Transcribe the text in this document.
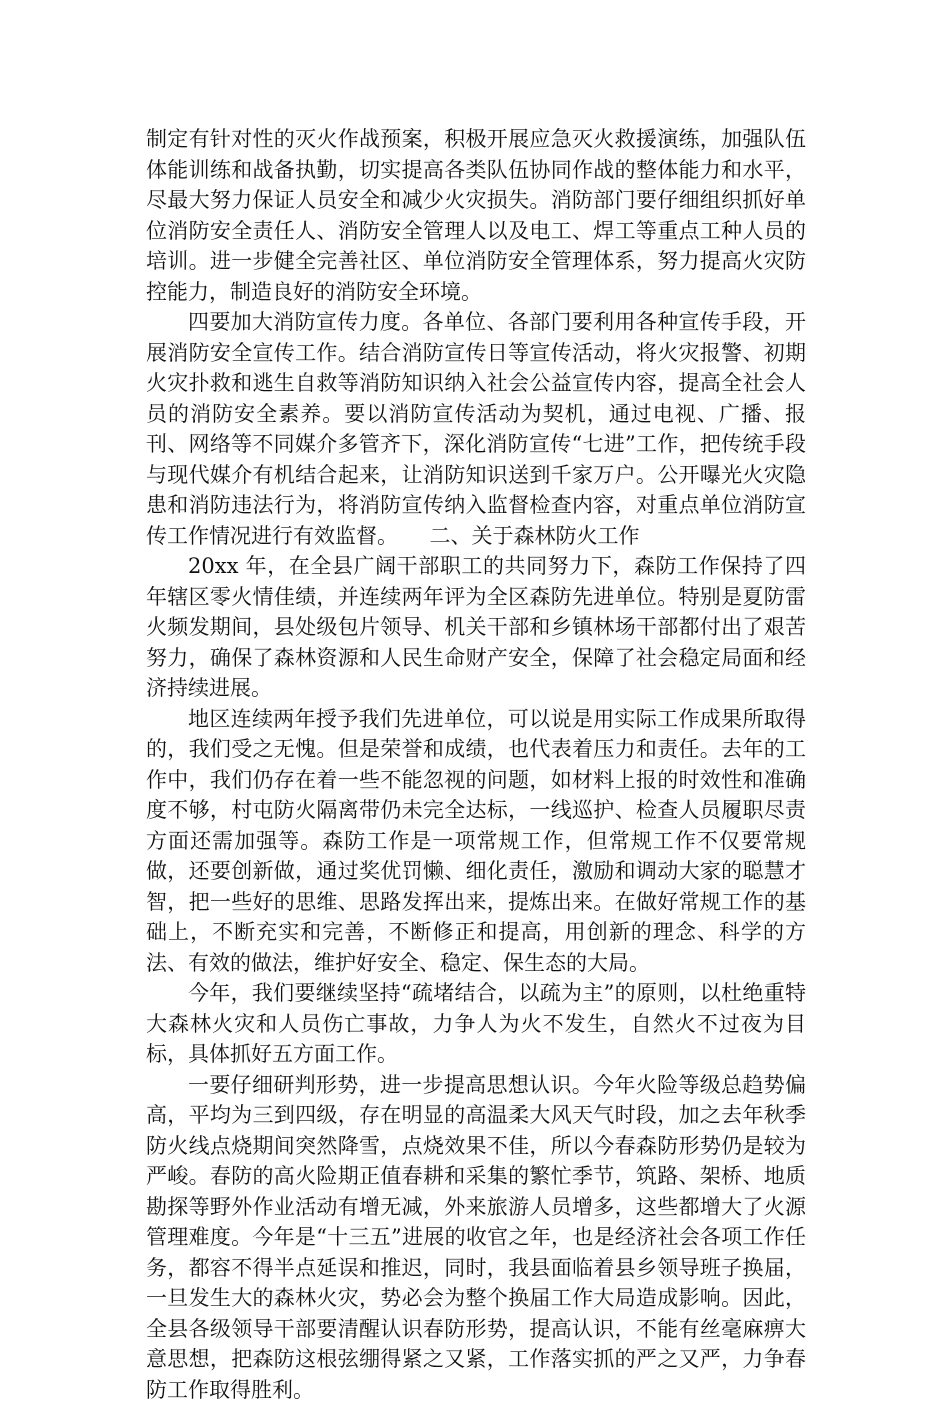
制定有针对性的灭火作战预案，积极开展应急灭火救援演练，加强队伍体能训练和战备执勤，切实提高各类队伍协同作战的整体能力和水平，尽最大努力保证人员安全和减少火灾损失。消防部门要仔细组织抓好单位消防安全责任人、消防安全管理人以及电工、焊工等重点工种人员的培训。进一步健全完善社区、单位消防安全管理体系，努力提高火灾防控能力，制造良好的消防安全环境。

四要加大消防宣传力度。各单位、各部门要利用各种宣传手段，开展消防安全宣传工作。结合消防宣传日等宣传活动，将火灾报警、初期火灾扑救和逃生自救等消防知识纳入社会公益宣传内容，提高全社会人员的消防安全素养。要以消防宣传活动为契机，通过电视、广播、报刊、网络等不同媒介多管齐下，深化消防宣传“七进”工作，把传统手段与现代媒介有机结合起来，让消防知识送到千家万户。公开曝光火灾隐患和消防违法行为，将消防宣传纳入监督检查内容，对重点单位消防宣传工作情况进行有效监督。　　二、关于森林防火工作

20xx 年，在全县广阔干部职工的共同努力下，森防工作保持了四年辖区零火情佳绩，并连续两年评为全区森防先进单位。特别是夏防雷火频发期间，县处级包片领导、机关干部和乡镇林场干部都付出了艰苦努力，确保了森林资源和人民生命财产安全，保障了社会稳定局面和经济持续进展。

地区连续两年授予我们先进单位，可以说是用实际工作成果所取得的，我们受之无愧。但是荣誉和成绩，也代表着压力和责任。去年的工作中，我们仍存在着一些不能忽视的问题，如材料上报的时效性和准确度不够，村屯防火隔离带仍未完全达标，一线巡护、检查人员履职尽责方面还需加强等。森防工作是一项常规工作，但常规工作不仅要常规做，还要创新做，通过奖优罚懒、细化责任，激励和调动大家的聪慧才智，把一些好的思维、思路发挥出来，提炼出来。在做好常规工作的基础上，不断充实和完善，不断修正和提高，用创新的理念、科学的方法、有效的做法，维护好安全、稳定、保生态的大局。

今年，我们要继续坚持“疏堵结合，以疏为主”的原则，以杜绝重特大森林火灾和人员伤亡事故，力争人为火不发生，自然火不过夜为目标，具体抓好五方面工作。

一要仔细研判形势，进一步提高思想认识。今年火险等级总趋势偏高，平均为三到四级，存在明显的高温柔大风天气时段，加之去年秋季防火线点烧期间突然降雪，点烧效果不佳，所以今春森防形势仍是较为严峻。春防的高火险期正值春耕和采集的繁忙季节，筑路、架桥、地质勘探等野外作业活动有增无减，外来旅游人员增多，这些都增大了火源管理难度。今年是“十三五”进展的收官之年，也是经济社会各项工作任务，都容不得半点延误和推迟，同时，我县面临着县乡领导班子换届，一旦发生大的森林火灾，势必会为整个换届工作大局造成影响。因此，全县各级领导干部要清醒认识春防形势，提高认识，不能有丝毫麻痹大意思想，把森防这根弦绷得紧之又紧，工作落实抓的严之又严，力争春防工作取得胜利。
